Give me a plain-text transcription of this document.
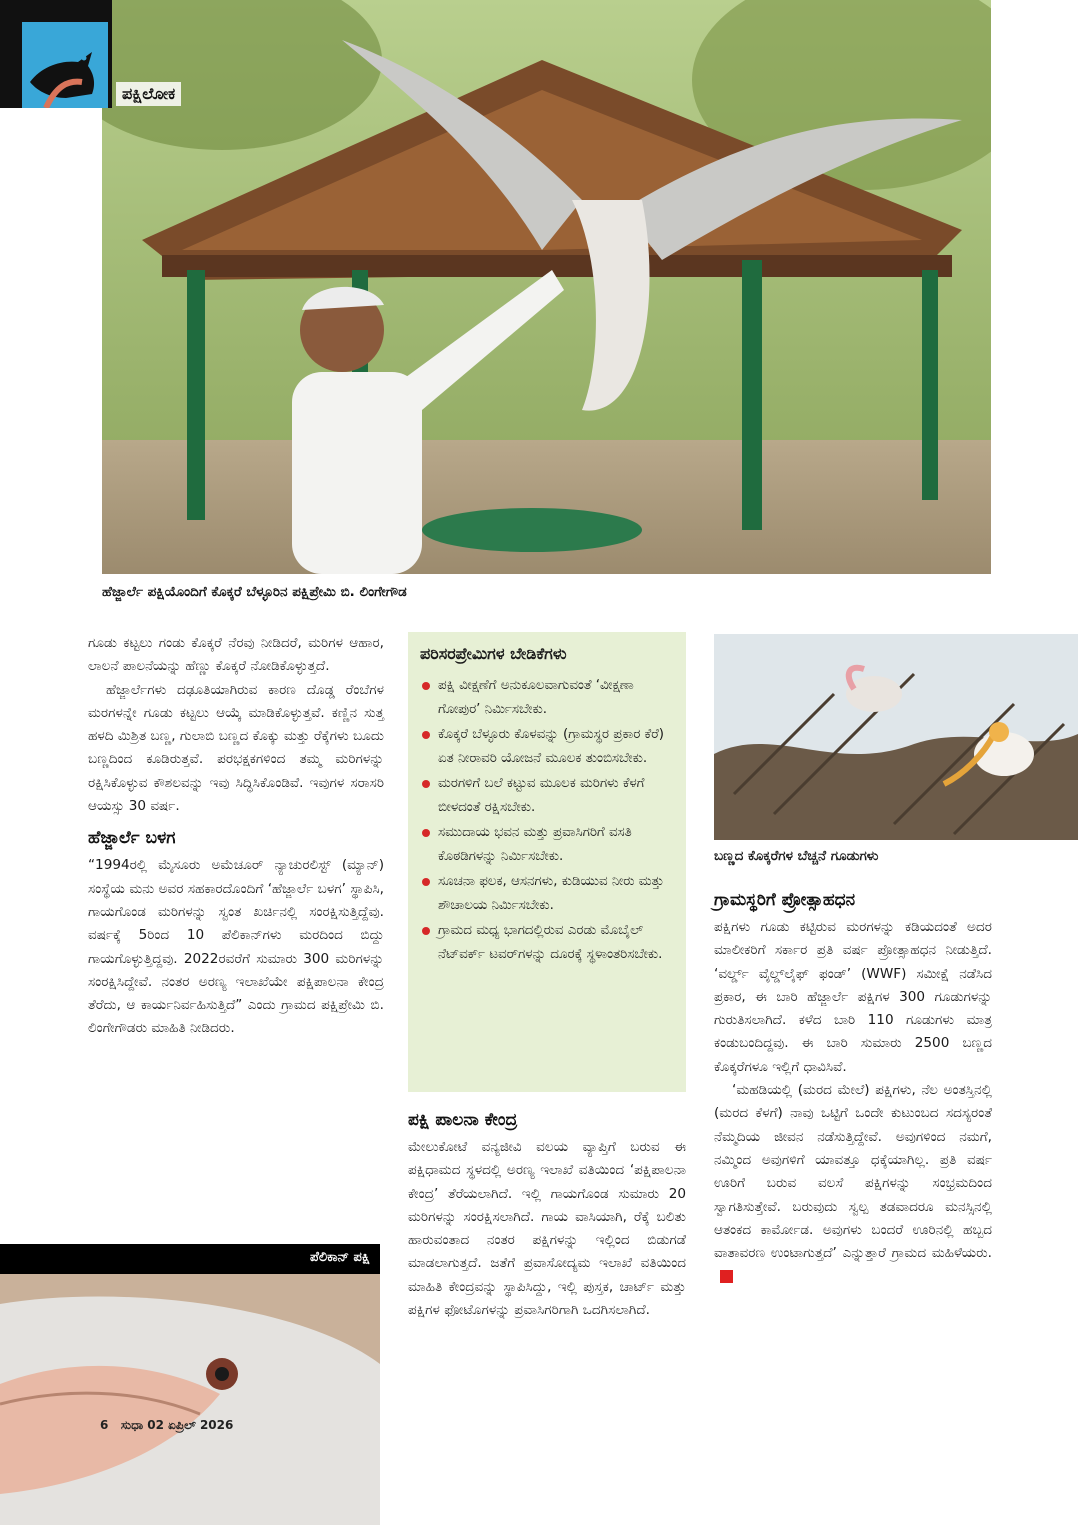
ಪಕ್ಷಿಲೋಕ
ಹೆಜ್ಜಾರ್ಲೆ ಪಕ್ಷಿಯೊಂದಿಗೆ ಕೊಕ್ಕರೆ ಬೆಳ್ಳೂರಿನ ಪಕ್ಷಿಪ್ರೇಮಿ ಬಿ. ಲಿಂಗೇಗೌಡ

ಗೂಡು ಕಟ್ಟಲು ಗಂಡು ಕೊಕ್ಕರೆ ನೆರವು ನೀಡಿದರೆ, ಮರಿಗಳ ಆಹಾರ, ಲಾಲನೆ ಪಾಲನೆಯನ್ನು ಹೆಣ್ಣು ಕೊಕ್ಕರೆ ನೋಡಿಕೊಳ್ಳುತ್ತದೆ.

ಹೆಜ್ಜಾರ್ಲೆಗಳು ದಢೂತಿಯಾಗಿರುವ ಕಾರಣ ದೊಡ್ಡ ರೆಂಬೆಗಳ ಮರಗಳನ್ನೇ ಗೂಡು ಕಟ್ಟಲು ಆಯ್ಕೆ ಮಾಡಿಕೊಳ್ಳುತ್ತವೆ. ಕಣ್ಣಿನ ಸುತ್ತ ಹಳದಿ ಮಿಶ್ರಿತ ಬಣ್ಣ, ಗುಲಾಬಿ ಬಣ್ಣದ ಕೊಕ್ಕು ಮತ್ತು ರೆಕ್ಕೆಗಳು ಬೂದು ಬಣ್ಣದಿಂದ ಕೂಡಿರುತ್ತವೆ. ಪರಭಕ್ಷಕಗಳಿಂದ ತಮ್ಮ ಮರಿಗಳನ್ನು ರಕ್ಷಿಸಿಕೊಳ್ಳುವ ಕೌಶಲವನ್ನು ಇವು ಸಿದ್ಧಿಸಿಕೊಂಡಿವೆ. ಇವುಗಳ ಸರಾಸರಿ ಆಯಸ್ಸು 30 ವರ್ಷ.

ಹೆಜ್ಜಾರ್ಲೆ ಬಳಗ

“1994ರಲ್ಲಿ ಮೈಸೂರು ಅಮೆಚೂರ್ ನ್ಯಾಚುರಲಿಸ್ಟ್ (ಮ್ಯಾನ್) ಸಂಸ್ಥೆಯ ಮನು ಅವರ ಸಹಕಾರದೊಂದಿಗೆ ‘ಹೆಜ್ಜಾರ್ಲೆ ಬಳಗ’ ಸ್ಥಾಪಿಸಿ, ಗಾಯಗೊಂಡ ಮರಿಗಳನ್ನು ಸ್ವಂತ ಖರ್ಚಿನಲ್ಲಿ ಸಂರಕ್ಷಿಸುತ್ತಿದ್ದೆವು. ವರ್ಷಕ್ಕೆ 5ರಿಂದ 10 ಪೆಲಿಕಾನ್‌ಗಳು ಮರದಿಂದ ಬಿದ್ದು ಗಾಯಗೊಳ್ಳುತ್ತಿದ್ದವು. 2022ರವರೆಗೆ ಸುಮಾರು 300 ಮರಿಗಳನ್ನು ಸಂರಕ್ಷಿಸಿದ್ದೇವೆ. ನಂತರ ಅರಣ್ಯ ಇಲಾಖೆಯೇ ಪಕ್ಷಿಪಾಲನಾ ಕೇಂದ್ರ ತೆರೆದು, ಆ ಕಾರ್ಯನಿರ್ವಹಿಸುತ್ತಿದೆ” ಎಂದು ಗ್ರಾಮದ ಪಕ್ಷಿಪ್ರೇಮಿ ಬಿ. ಲಿಂಗೇಗೌಡರು ಮಾಹಿತಿ ನೀಡಿದರು.

ಪರಿಸರಪ್ರೇಮಿಗಳ ಬೇಡಿಕೆಗಳು
ಪಕ್ಷಿ ವೀಕ್ಷಣೆಗೆ ಅನುಕೂಲವಾಗುವಂತೆ ‘ವೀಕ್ಷಣಾ ಗೋಪುರ’ ನಿರ್ಮಿಸಬೇಕು.
ಕೊಕ್ಕರೆ ಬೆಳ್ಳೂರು ಕೊಳವನ್ನು (ಗ್ರಾಮಸ್ಥರ ಪ್ರಕಾರ ಕೆರೆ) ಏತ ನೀರಾವರಿ ಯೋಜನೆ ಮೂಲಕ ತುಂಬಿಸಬೇಕು.
ಮರಗಳಿಗೆ ಬಲೆ ಕಟ್ಟುವ ಮೂಲಕ ಮರಿಗಳು ಕೆಳಗೆ ಬೀಳದಂತೆ ರಕ್ಷಿಸಬೇಕು.
ಸಮುದಾಯ ಭವನ ಮತ್ತು ಪ್ರವಾಸಿಗರಿಗೆ ವಸತಿ ಕೊಠಡಿಗಳನ್ನು ನಿರ್ಮಿಸಬೇಕು.
ಸೂಚನಾ ಫಲಕ, ಆಸನಗಳು, ಕುಡಿಯುವ ನೀರು ಮತ್ತು ಶೌಚಾಲಯ ನಿರ್ಮಿಸಬೇಕು.
ಗ್ರಾಮದ ಮಧ್ಯ ಭಾಗದಲ್ಲಿರುವ ಎರಡು ಮೊಬೈಲ್ ನೆಟ್‌ವರ್ಕ್ ಟವರ್‌ಗಳನ್ನು ದೂರಕ್ಕೆ ಸ್ಥಳಾಂತರಿಸಬೇಕು.
ಪಕ್ಷಿ ಪಾಲನಾ ಕೇಂದ್ರ

ಮೇಲುಕೋಟೆ ವನ್ಯಜೀವಿ ವಲಯ ವ್ಯಾಪ್ತಿಗೆ ಬರುವ ಈ ಪಕ್ಷಿಧಾಮದ ಸ್ಥಳದಲ್ಲಿ ಅರಣ್ಯ ಇಲಾಖೆ ವತಿಯಿಂದ ‘ಪಕ್ಷಿಪಾಲನಾ ಕೇಂದ್ರ’ ತೆರೆಯಲಾಗಿದೆ. ಇಲ್ಲಿ ಗಾಯಗೊಂಡ ಸುಮಾರು 20 ಮರಿಗಳನ್ನು ಸಂರಕ್ಷಿಸಲಾಗಿದೆ. ಗಾಯ ವಾಸಿಯಾಗಿ, ರೆಕ್ಕೆ ಬಲಿತು ಹಾರುವಂತಾದ ನಂತರ ಪಕ್ಷಿಗಳನ್ನು ಇಲ್ಲಿಂದ ಬಿಡುಗಡೆ ಮಾಡಲಾಗುತ್ತದೆ. ಜತೆಗೆ ಪ್ರವಾಸೋದ್ಯಮ ಇಲಾಖೆ ವತಿಯಿಂದ ಮಾಹಿತಿ ಕೇಂದ್ರವನ್ನು ಸ್ಥಾಪಿಸಿದ್ದು, ಇಲ್ಲಿ ಪುಸ್ತಕ, ಚಾರ್ಟ್ ಮತ್ತು ಪಕ್ಷಿಗಳ ಫೋಟೊಗಳನ್ನು ಪ್ರವಾಸಿಗರಿಗಾಗಿ ಒದಗಿಸಲಾಗಿದೆ.

ಬಣ್ಣದ ಕೊಕ್ಕರೆಗಳ ಬೆಚ್ಚನೆ ಗೂಡುಗಳು
ಗ್ರಾಮಸ್ಥರಿಗೆ ಪ್ರೋತ್ಸಾಹಧನ

ಪಕ್ಷಿಗಳು ಗೂಡು ಕಟ್ಟಿರುವ ಮರಗಳನ್ನು ಕಡಿಯದಂತೆ ಅದರ ಮಾಲೀಕರಿಗೆ ಸರ್ಕಾರ ಪ್ರತಿ ವರ್ಷ ಪ್ರೋತ್ಸಾಹಧನ ನೀಡುತ್ತಿದೆ. ‘ವರ್ಲ್ಡ್ ವೈಲ್ಡ್‌ಲೈಫ್ ಫಂಡ್’ (WWF) ಸಮೀಕ್ಷೆ ನಡೆಸಿದ ಪ್ರಕಾರ, ಈ ಬಾರಿ ಹೆಜ್ಜಾರ್ಲೆ ಪಕ್ಷಿಗಳ 300 ಗೂಡುಗಳನ್ನು ಗುರುತಿಸಲಾಗಿದೆ. ಕಳೆದ ಬಾರಿ 110 ಗೂಡುಗಳು ಮಾತ್ರ ಕಂಡುಬಂದಿದ್ದವು. ಈ ಬಾರಿ ಸುಮಾರು 2500 ಬಣ್ಣದ ಕೊಕ್ಕರೆಗಳೂ ಇಲ್ಲಿಗೆ ಧಾವಿಸಿವೆ.

‘ಮಹಡಿಯಲ್ಲಿ (ಮರದ ಮೇಲೆ) ಪಕ್ಷಿಗಳು, ನೆಲ ಅಂತಸ್ತಿನಲ್ಲಿ (ಮರದ ಕೆಳಗೆ) ನಾವು ಒಟ್ಟಿಗೆ ಒಂದೇ ಕುಟುಂಬದ ಸದಸ್ಯರಂತೆ ನೆಮ್ಮದಿಯ ಜೀವನ ನಡೆಸುತ್ತಿದ್ದೇವೆ. ಅವುಗಳಿಂದ ನಮಗೆ, ನಮ್ಮಿಂದ ಅವುಗಳಿಗೆ ಯಾವತ್ತೂ ಧಕ್ಕೆಯಾಗಿಲ್ಲ. ಪ್ರತಿ ವರ್ಷ ಊರಿಗೆ ಬರುವ ವಲಸೆ ಪಕ್ಷಿಗಳನ್ನು ಸಂಭ್ರಮದಿಂದ ಸ್ವಾಗತಿಸುತ್ತೇವೆ. ಬರುವುದು ಸ್ವಲ್ಪ ತಡವಾದರೂ ಮನಸ್ಸಿನಲ್ಲಿ ಆತಂಕದ ಕಾರ್ಮೋಡ. ಅವುಗಳು ಬಂದರೆ ಊರಿನಲ್ಲಿ ಹಬ್ಬದ ವಾತಾವರಣ ಉಂಟಾಗುತ್ತದೆ’ ಎನ್ನುತ್ತಾರೆ ಗ್ರಾಮದ ಮಹಿಳೆಯರು.

ಪೆಲಿಕಾನ್ ಪಕ್ಷಿ
6 ಸುಧಾ 02 ಏಪ್ರಿಲ್ 2026
